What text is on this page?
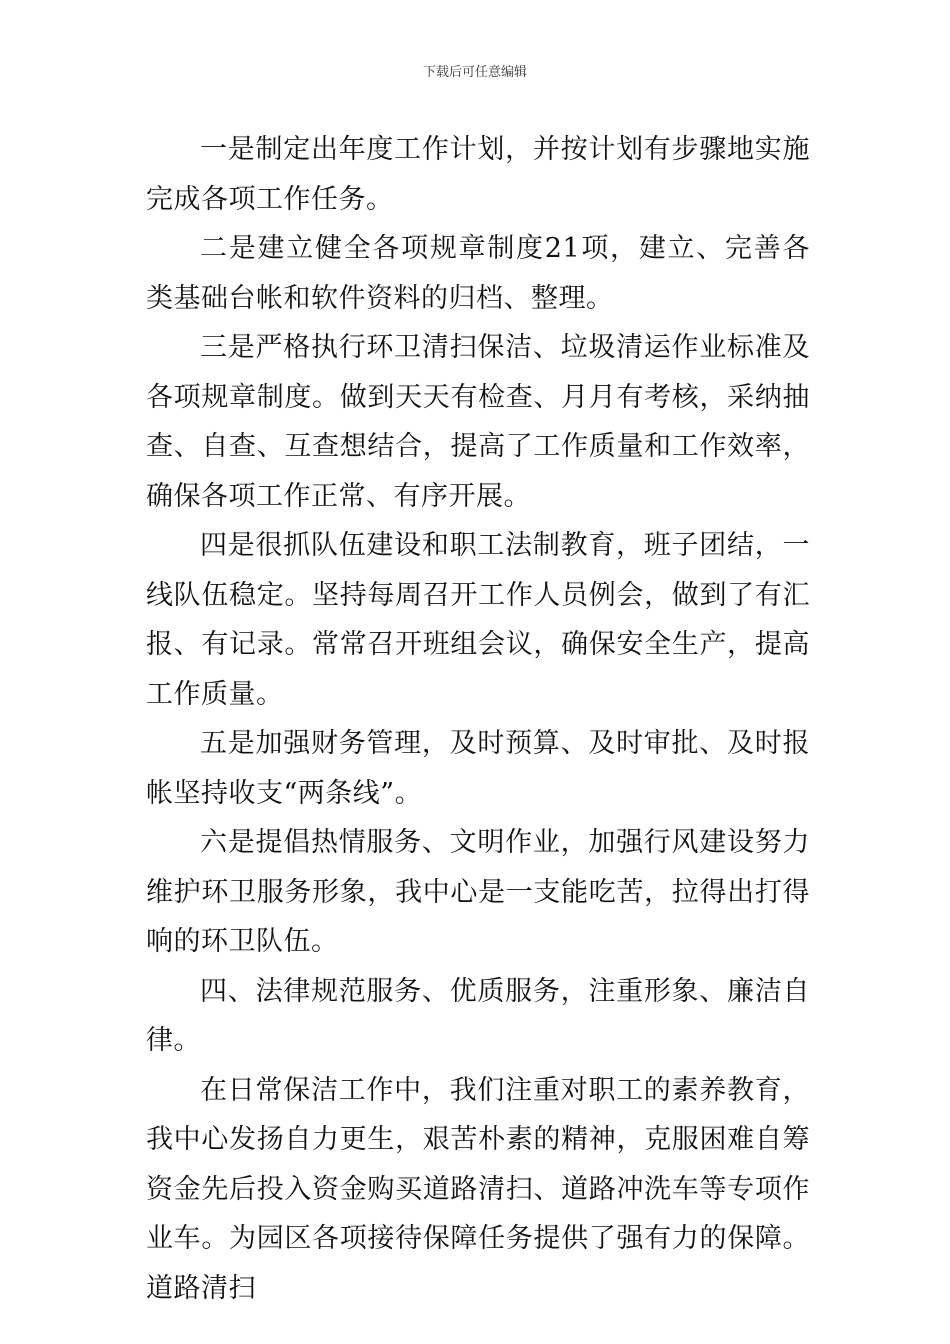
下载后可任意编辑

一是制定出年度工作计划，并按计划有步骤地实施完成各项工作任务。

二是建立健全各项规章制度21项，建立、完善各类基础台帐和软件资料的归档、整理。

三是严格执行环卫清扫保洁、垃圾清运作业标准及各项规章制度。做到天天有检查、月月有考核，采纳抽查、自查、互查想结合，提高了工作质量和工作效率，确保各项工作正常、有序开展。

四是很抓队伍建设和职工法制教育，班子团结，一线队伍稳定。坚持每周召开工作人员例会，做到了有汇报、有记录。常常召开班组会议，确保安全生产，提高工作质量。

五是加强财务管理，及时预算、及时审批、及时报帐坚持收支“两条线”。

六是提倡热情服务、文明作业，加强行风建设努力维护环卫服务形象，我中心是一支能吃苦，拉得出打得响的环卫队伍。

四、法律规范服务、优质服务，注重形象、廉洁自律。

在日常保洁工作中，我们注重对职工的素养教育，我中心发扬自力更生，艰苦朴素的精神，克服困难自筹资金先后投入资金购买道路清扫、道路冲洗车等专项作业车。为园区各项接待保障任务提供了强有力的保障。道路清扫
